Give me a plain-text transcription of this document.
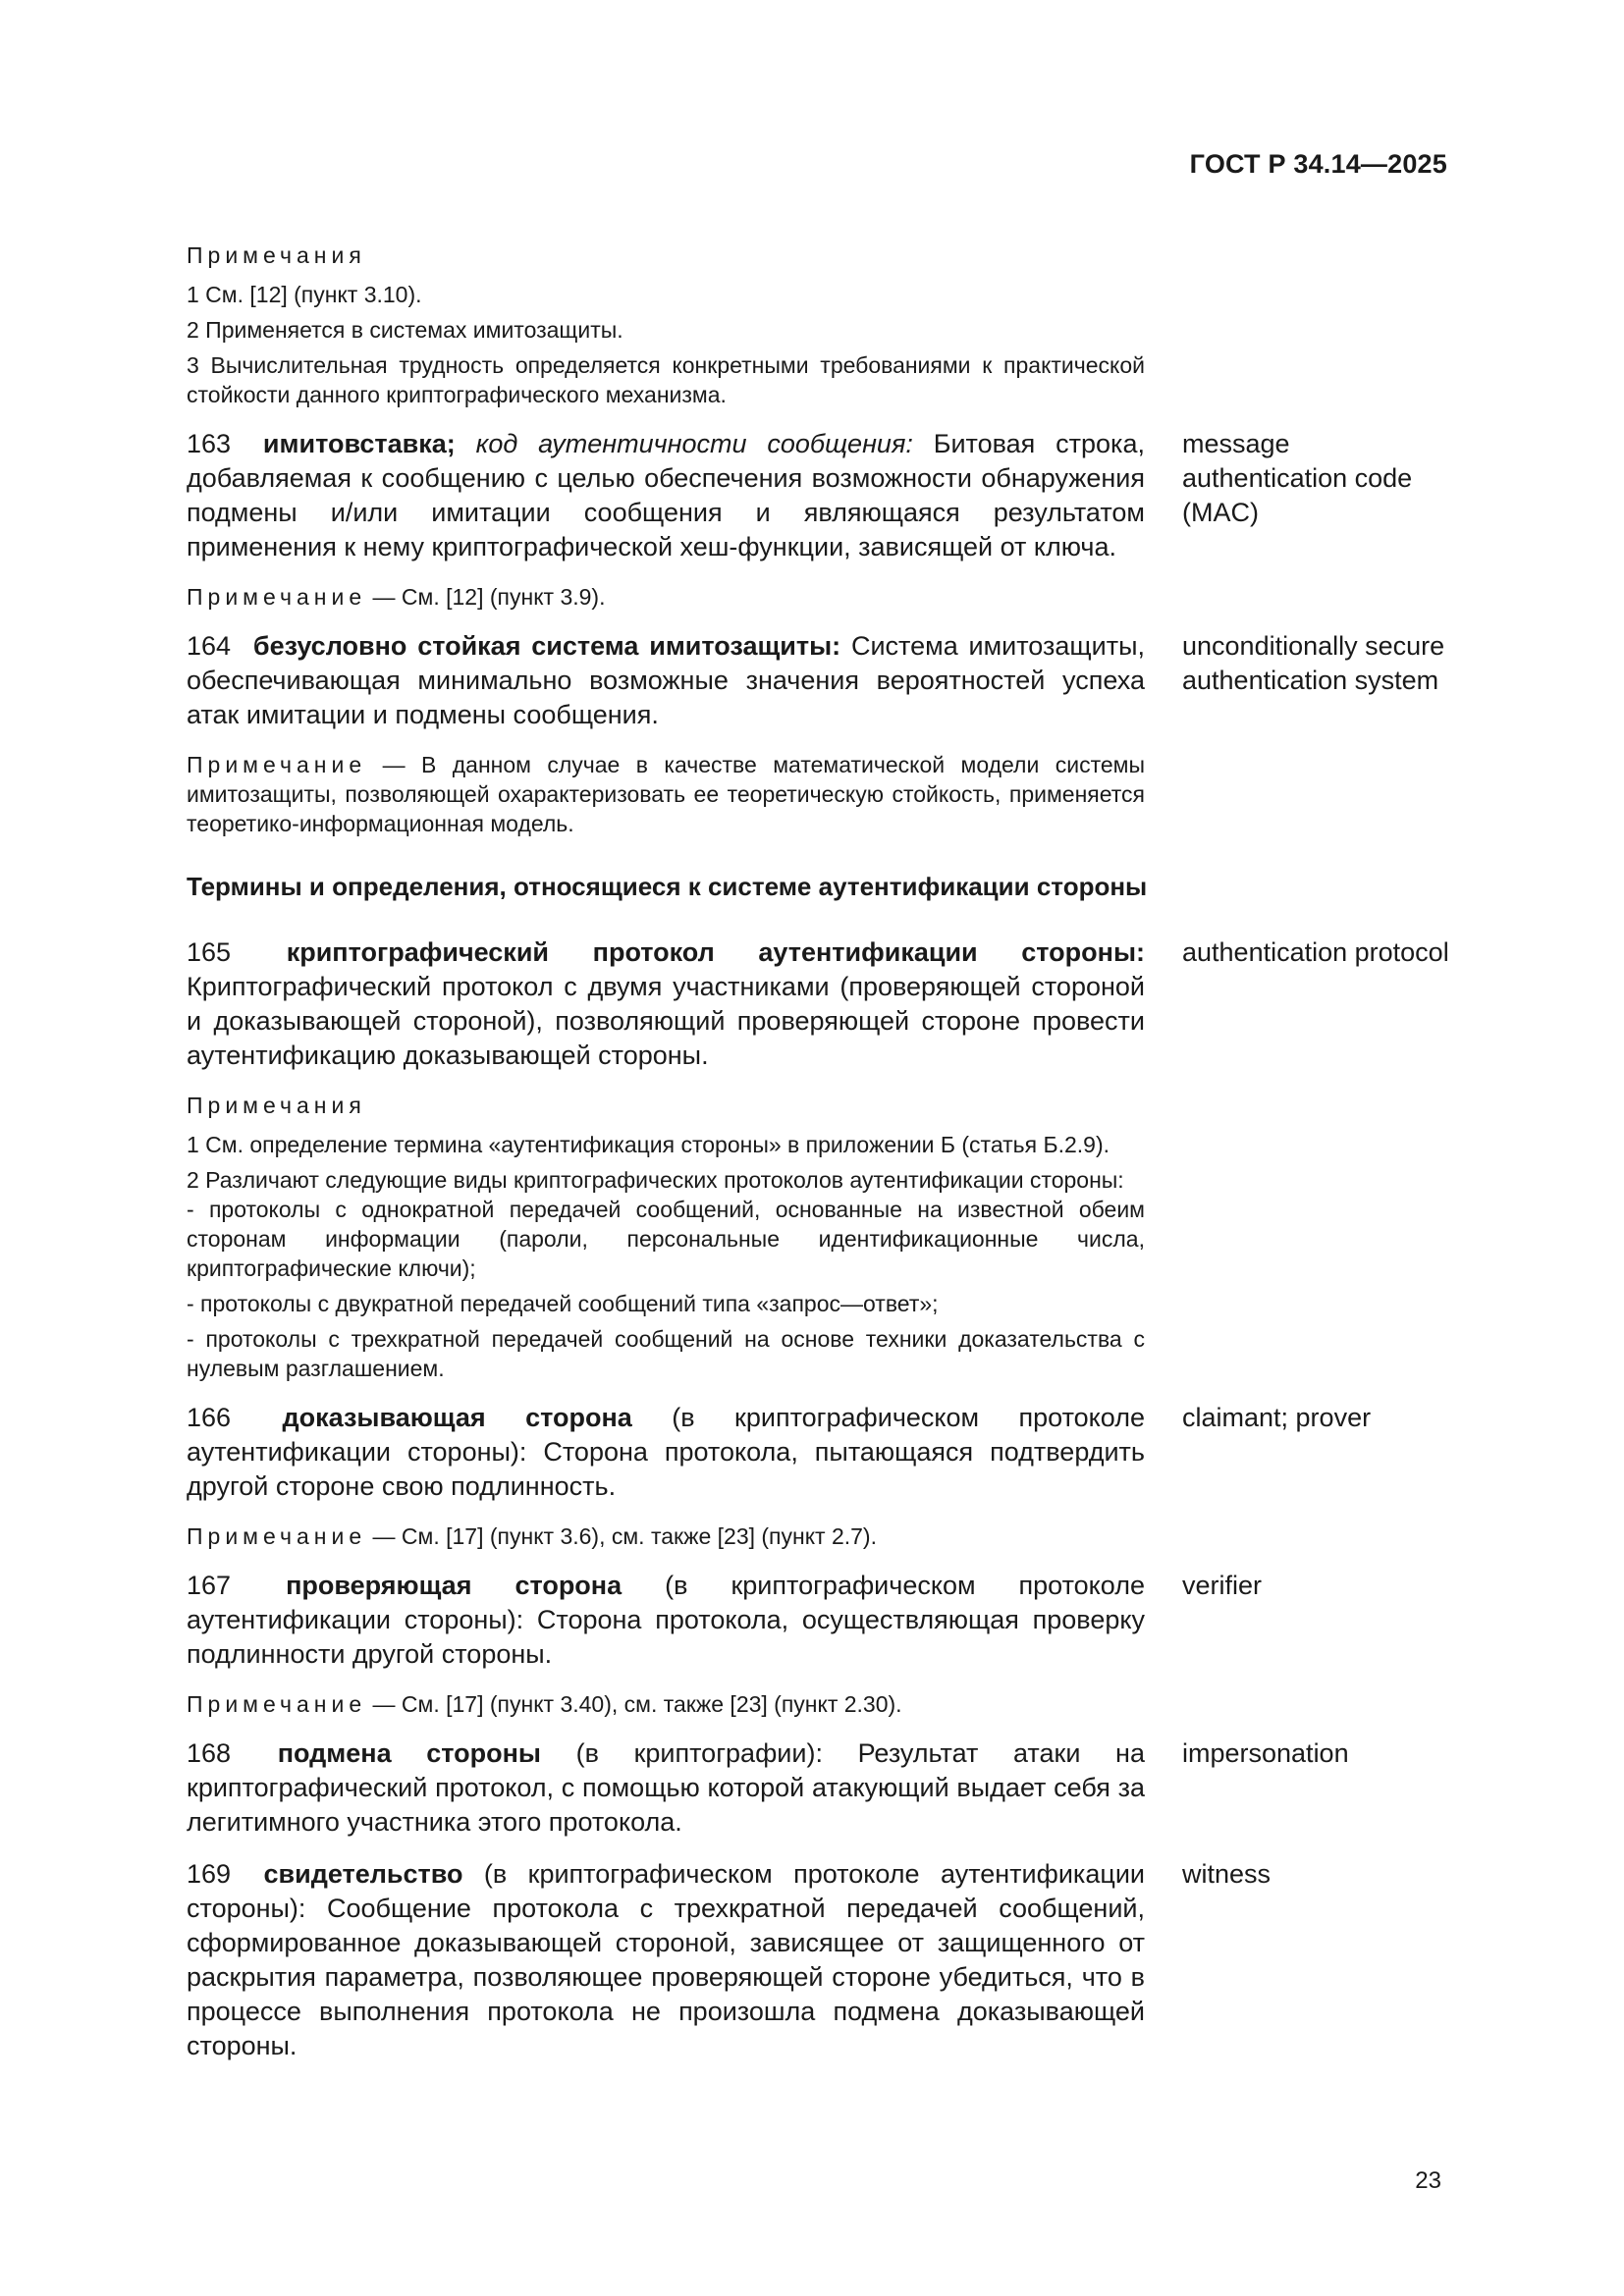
ГОСТ Р 34.14—2025
Примечания

1 См. [12] (пункт 3.10).

2 Применяется в системах имитозащиты.

3 Вычислительная трудность определяется конкретными требованиями к практической стойкости данного криптографического механизма.

163 имитовставка; код аутентичности сообщения: Битовая строка, добавляемая к сообщению с целью обеспечения возможности обнаружения подмены и/или имитации сообщения и являющаяся результатом применения к нему криптографической хеш-функции, зависящей от ключа.
message authentication code (MAC)
Примечание — См. [12] (пункт 3.9).
164 безусловно стойкая система имитозащиты: Система имитозащиты, обеспечивающая минимально возможные значения вероятностей успеха атак имитации и подмены сообщения.
unconditionally secure authentication system
Примечание — В данном случае в качестве математической модели системы имитозащиты, позволяющей охарактеризовать ее теоретическую стойкость, применяется теоретико-информационная модель.
Термины и определения, относящиеся к системе аутентификации стороны
165 криптографический протокол аутентификации стороны: Криптографический протокол с двумя участниками (проверяющей стороной и доказывающей стороной), позволяющий проверяющей стороне провести аутентификацию доказывающей стороны.
authentication protocol
Примечания

1 См. определение термина «аутентификация стороны» в приложении Б (статья Б.2.9).

2 Различают следующие виды криптографических протоколов аутентификации стороны:

- протоколы с однократной передачей сообщений, основанные на известной обеим сторонам информации (пароли, персональные идентификационные числа, криптографические ключи);

- протоколы с двукратной передачей сообщений типа «запрос—ответ»;

- протоколы с трехкратной передачей сообщений на основе техники доказательства с нулевым разглашением.

166 доказывающая сторона (в криптографическом протоколе аутентификации стороны): Сторона протокола, пытающаяся подтвердить другой стороне свою подлинность.
claimant; prover
Примечание — См. [17] (пункт 3.6), см. также [23] (пункт 2.7).
167 проверяющая сторона (в криптографическом протоколе аутентификации стороны): Сторона протокола, осуществляющая проверку подлинности другой стороны.
verifier
Примечание — См. [17] (пункт 3.40), см. также [23] (пункт 2.30).
168 подмена стороны (в криптографии): Результат атаки на криптографический протокол, с помощью которой атакующий выдает себя за легитимного участника этого протокола.
impersonation
169 свидетельство (в криптографическом протоколе аутентификации стороны): Сообщение протокола с трехкратной передачей сообщений, сформированное доказывающей стороной, зависящее от защищенного от раскрытия параметра, позволяющее проверяющей стороне убедиться, что в процессе выполнения протокола не произошла подмена доказывающей стороны.
witness
23
